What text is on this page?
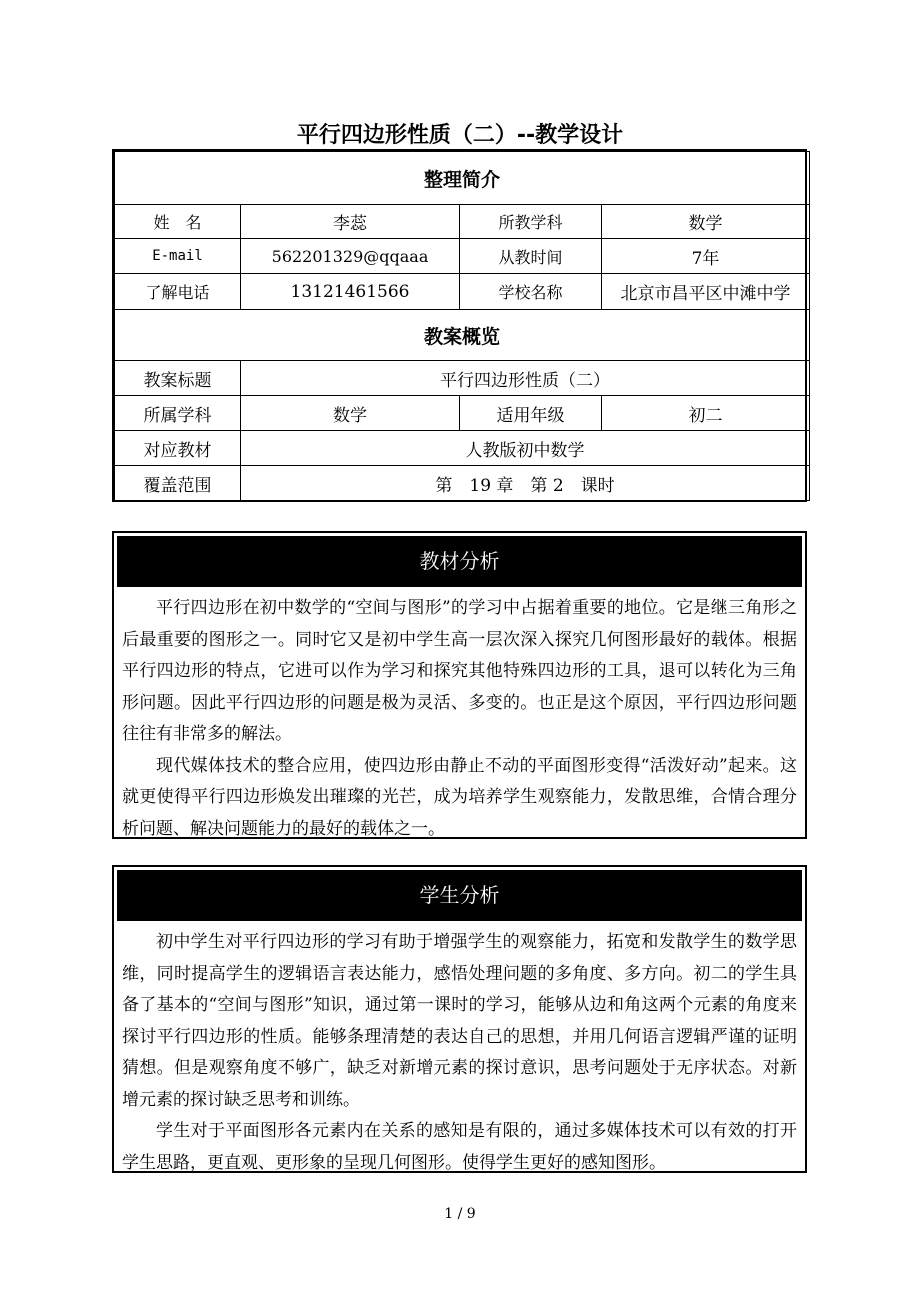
平行四边形性质（二）--教学设计
整理简介			
姓　名	李蕊	所教学科	数学
E-mail	562201329@qqaaa	从教时间	7年
了解电话	13121461566	学校名称	北京市昌平区中滩中学
教案概览			
教案标题	平行四边形性质（二）		
所属学科	数学	适用年级	初二
对应教材	人教版初中数学		
覆盖范围	第　19 章　第 2　课时		
教材分析

平行四边形在初中数学的“空间与图形”的学习中占据着重要的地位。它是继三角形之后最重要的图形之一。同时它又是初中学生高一层次深入探究几何图形最好的载体。根据平行四边形的特点，它进可以作为学习和探究其他特殊四边形的工具，退可以转化为三角形问题。因此平行四边形的问题是极为灵活、多变的。也正是这个原因，平行四边形问题往往有非常多的解法。

现代媒体技术的整合应用，使四边形由静止不动的平面图形变得“活泼好动”起来。这就更使得平行四边形焕发出璀璨的光芒，成为培养学生观察能力，发散思维，合情合理分析问题、解决问题能力的最好的载体之一。

学生分析

初中学生对平行四边形的学习有助于增强学生的观察能力，拓宽和发散学生的数学思维，同时提高学生的逻辑语言表达能力，感悟处理问题的多角度、多方向。初二的学生具备了基本的“空间与图形”知识，通过第一课时的学习，能够从边和角这两个元素的角度来探讨平行四边形的性质。能够条理清楚的表达自己的思想，并用几何语言逻辑严谨的证明猜想。但是观察角度不够广，缺乏对新增元素的探讨意识，思考问题处于无序状态。对新增元素的探讨缺乏思考和训练。

学生对于平面图形各元素内在关系的感知是有限的，通过多媒体技术可以有效的打开学生思路，更直观、更形象的呈现几何图形。使得学生更好的感知图形。

1 / 9
